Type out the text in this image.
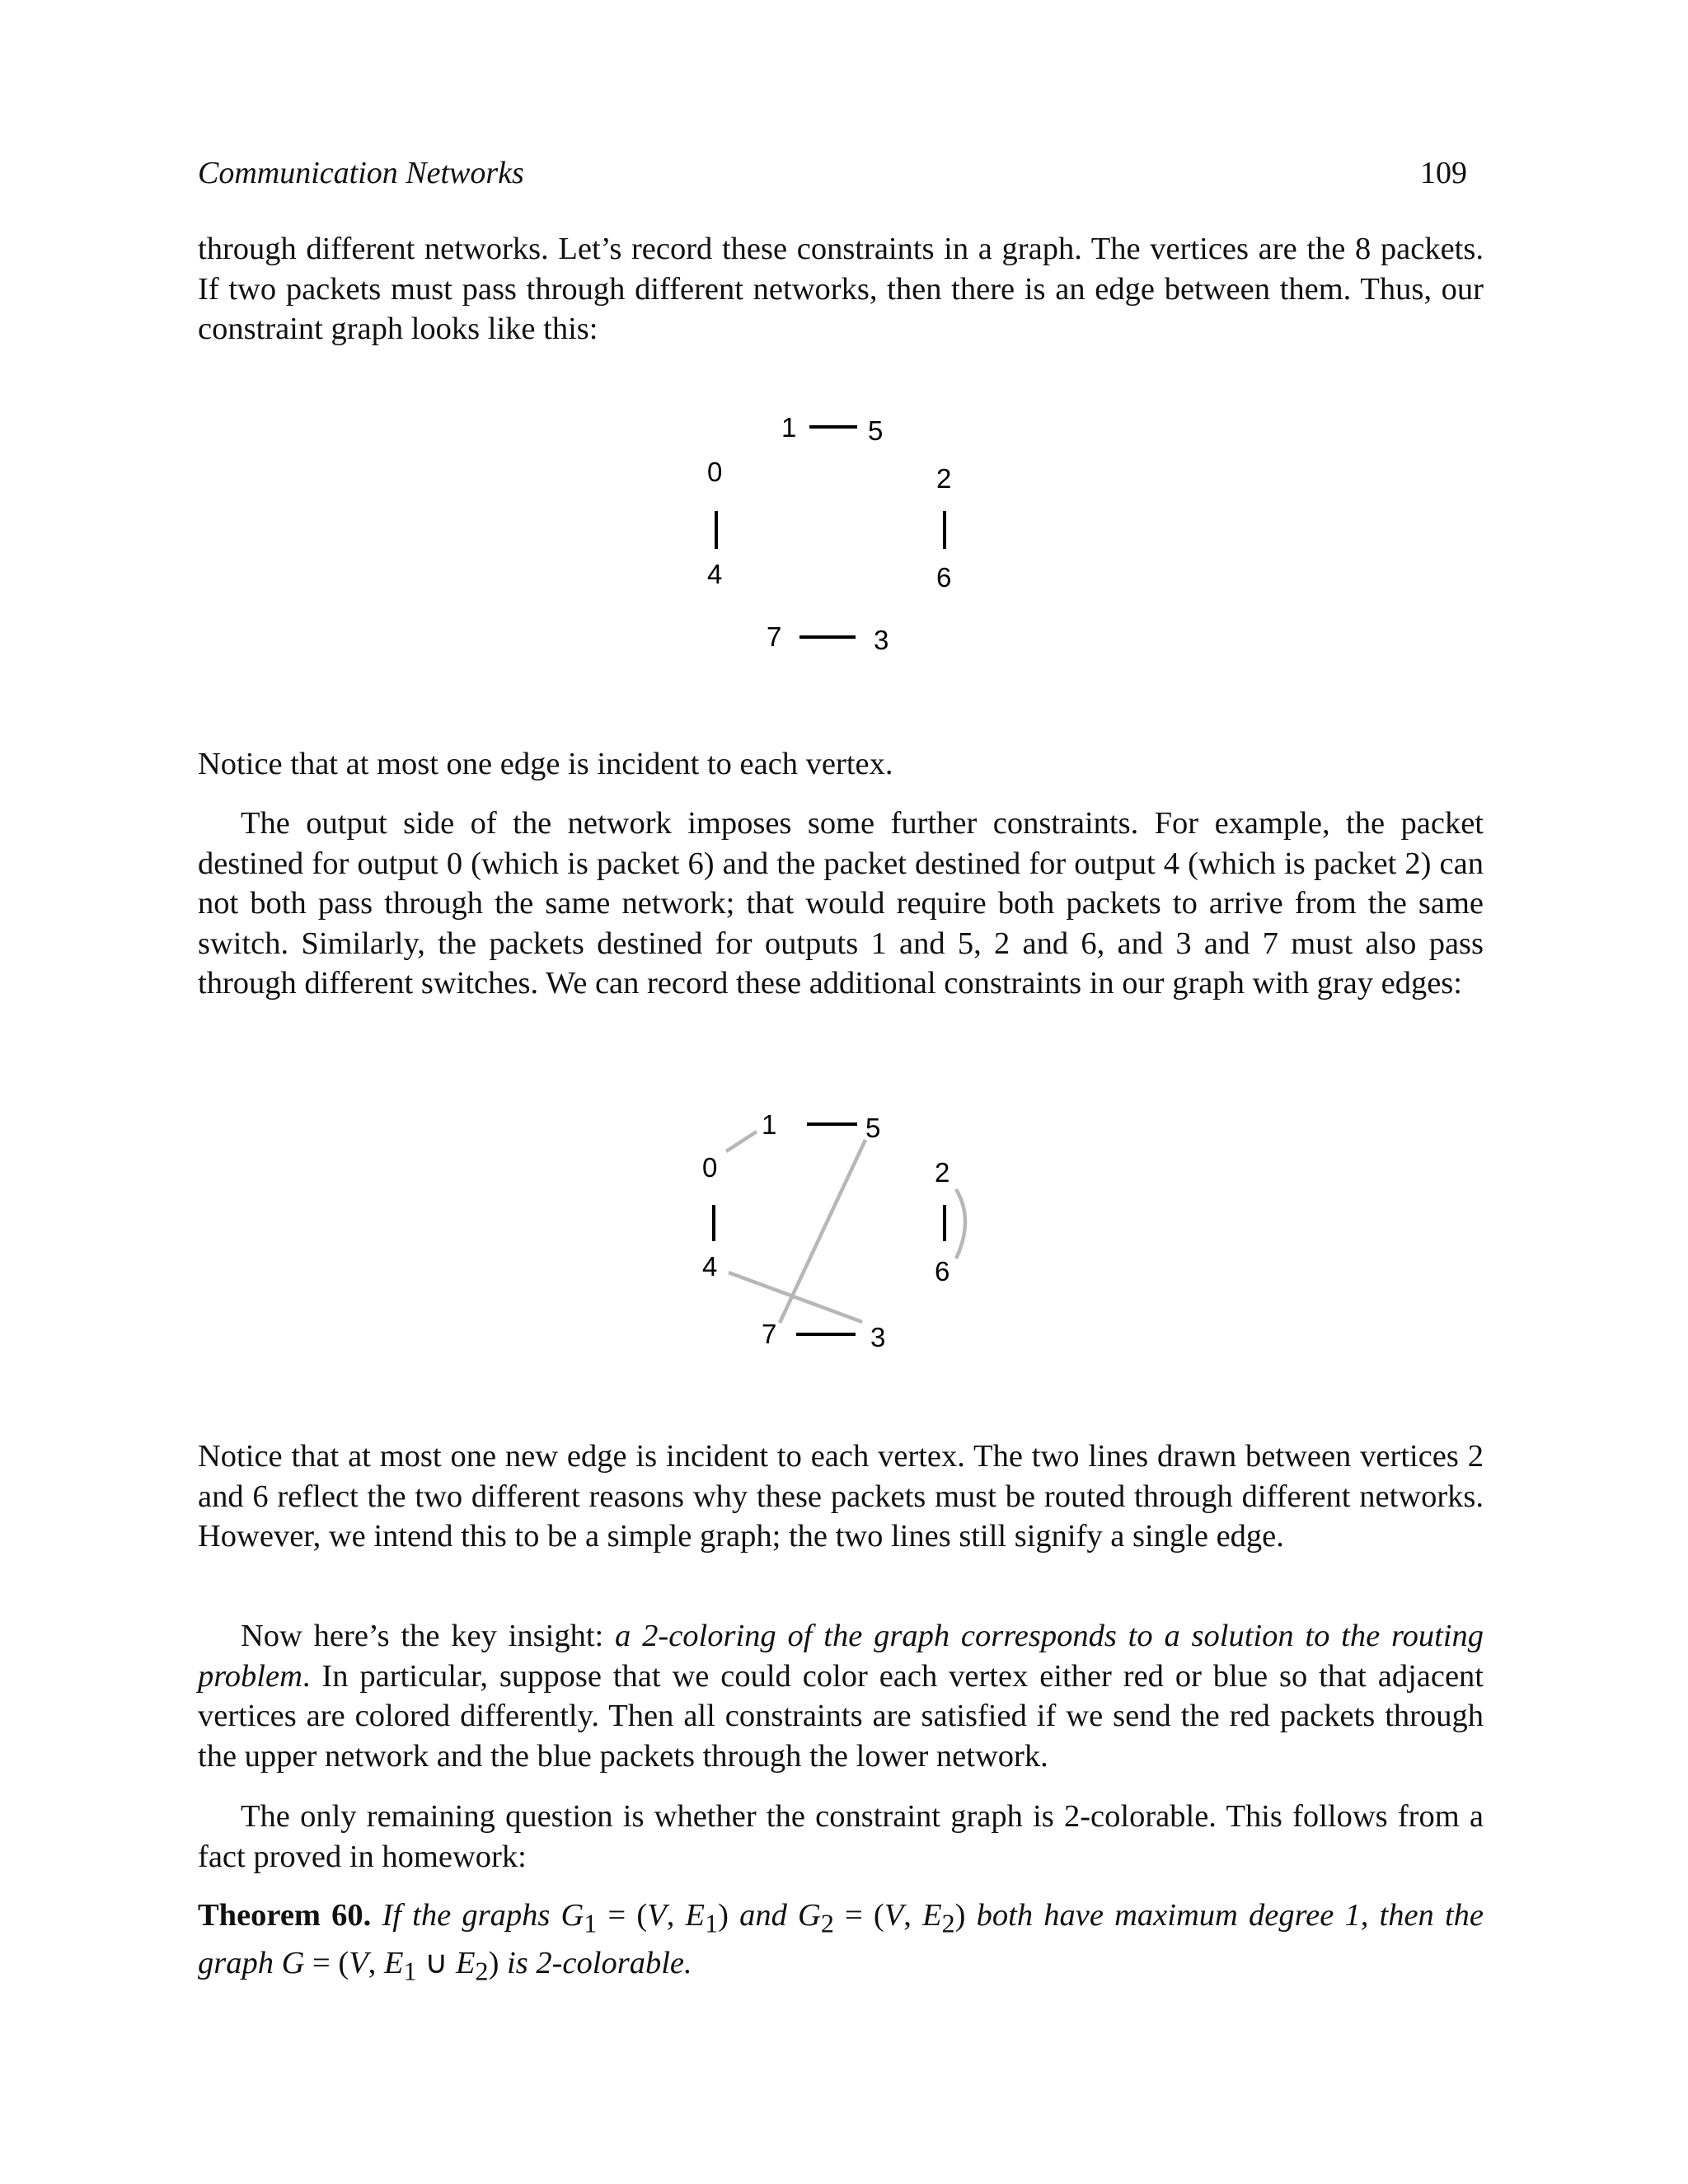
Communication Networks	109

through different networks. Let’s record these constraints in a graph. The vertices are the 8 packets. If two packets must pass through different networks, then there is an edge between them. Thus, our constraint graph looks like this:

1	5
0	2
4	6
7	3

Notice that at most one edge is incident to each vertex.

The output side of the network imposes some further constraints. For example, the packet destined for output 0 (which is packet 6) and the packet destined for output 4 (which is packet 2) can not both pass through the same network; that would require both packets to arrive from the same switch. Similarly, the packets destined for outputs 1 and 5, 2 and 6, and 3 and 7 must also pass through different switches. We can record these additional constraints in our graph with gray edges:

1	5
0	2
4	6
7	3

Notice that at most one new edge is incident to each vertex. The two lines drawn between vertices 2 and 6 reflect the two different reasons why these packets must be routed through different networks. However, we intend this to be a simple graph; the two lines still signify a single edge.

Now here’s the key insight: a 2-coloring of the graph corresponds to a solution to the routing problem. In particular, suppose that we could color each vertex either red or blue so that adjacent vertices are colored differently. Then all constraints are satisfied if we send the red packets through the upper network and the blue packets through the lower network.

The only remaining question is whether the constraint graph is 2-colorable. This follows from a fact proved in homework:

Theorem 60. If the graphs $G_1 = (V$, $E_1$) and $G_2 = (V$, $E_2$) both have maximum degree 1, then the graph G = (V, $E_1$ ∪ $E_2$) is 2-colorable.
